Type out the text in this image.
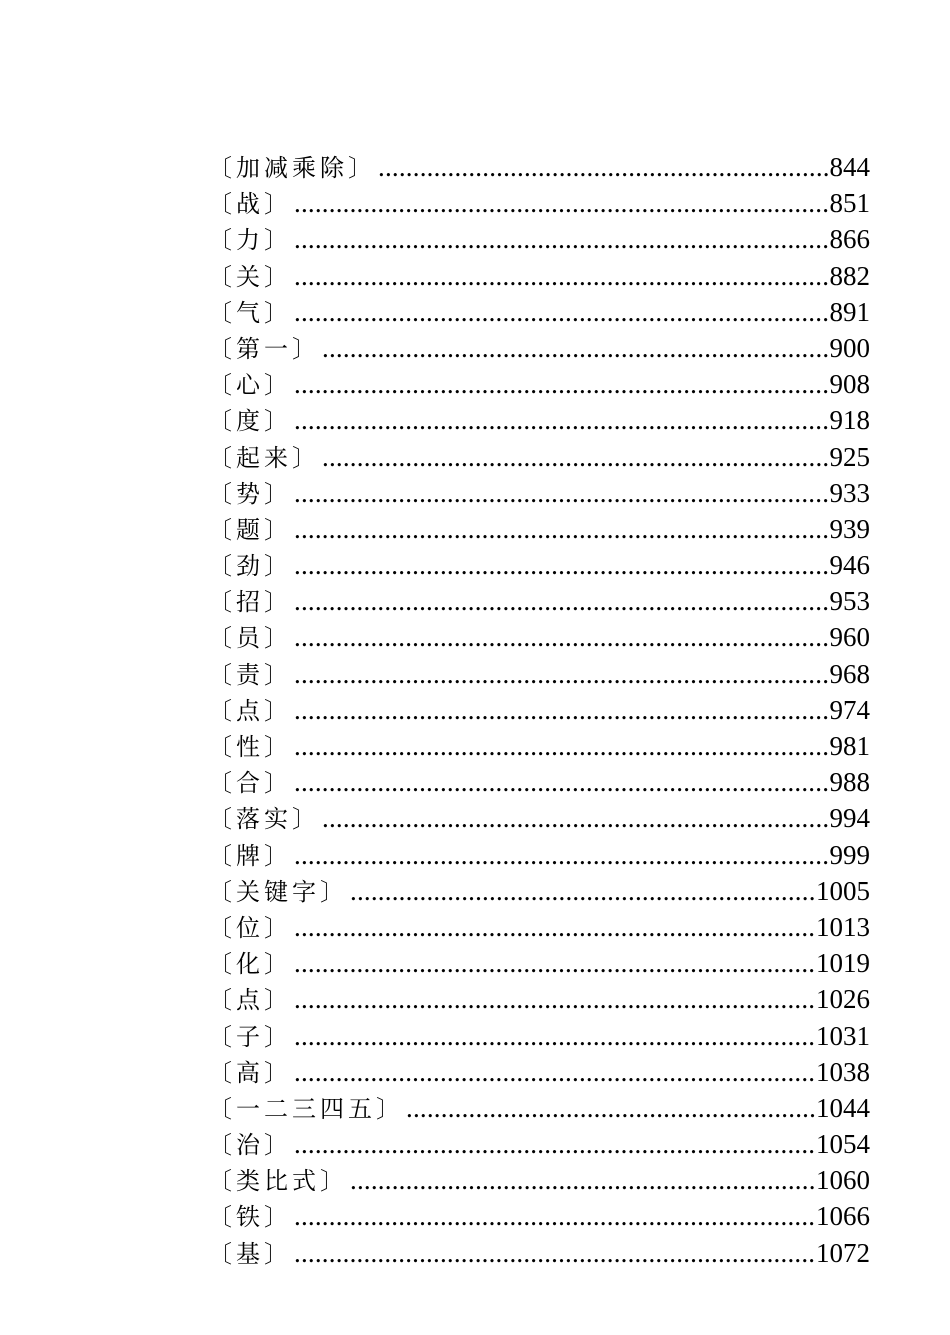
〔加减乘除〕 .....	844
〔战〕 .....	851
〔力〕 .....	866
〔关〕 .....	882
〔气〕 .....	891
〔第一〕 .....	900
〔心〕 .....	908
〔度〕 .....	918
〔起来〕 .....	925
〔势〕 .....	933
〔题〕 .....	939
〔劲〕 .....	946
〔招〕 .....	953
〔员〕 .....	960
〔责〕 .....	968
〔点〕 .....	974
〔性〕 .....	981
〔合〕 .....	988
〔落实〕 .....	994
〔牌〕 .....	999
〔关键字〕 .....	1005
〔位〕 .....	1013
〔化〕 .....	1019
〔点〕 .....	1026
〔子〕 .....	1031
〔高〕 .....	1038
〔一二三四五〕 .....	1044
〔治〕 .....	1054
〔类比式〕 .....	1060
〔铁〕 .....	1066
〔基〕 .....	1072
